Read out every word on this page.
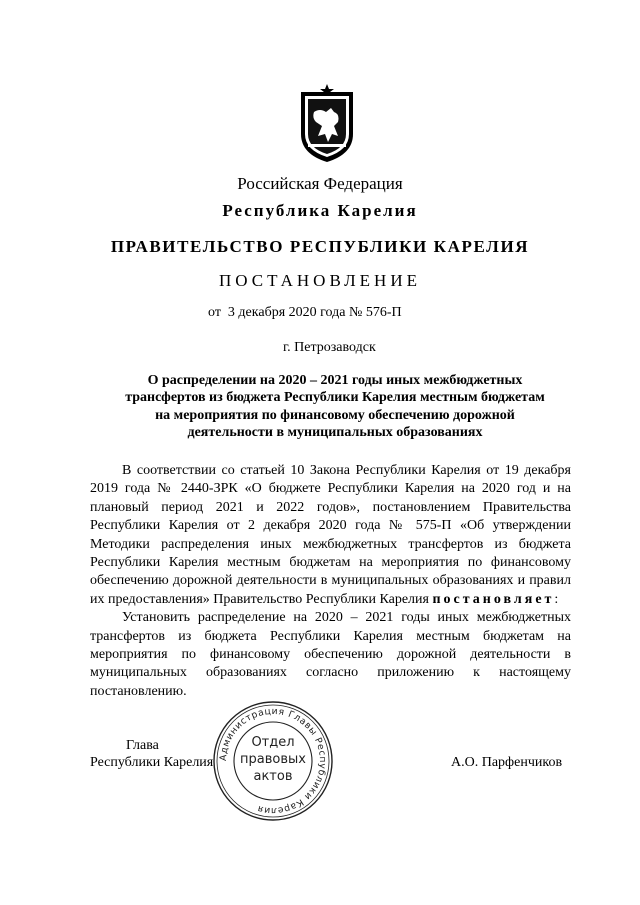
Российская Федерация
Республика Карелия
ПРАВИТЕЛЬСТВО РЕСПУБЛИКИ КАРЕЛИЯ
ПОСТАНОВЛЕНИЕ
от  3 декабря 2020 года № 576-П
г. Петрозаводск
О распределении на 2020 – 2021 годы иных межбюджетных
трансфертов из бюджета Республики Карелия местным бюджетам
на мероприятия по финансовому обеспечению дорожной
деятельности в муниципальных образованиях

В соответствии со статьей 10 Закона Республики Карелия от 19 декабря 2019 года № 2440-ЗРК «О бюджете Республики Карелия на 2020 год и на плановый период 2021 и 2022 годов», постановлением Правительства Республики Карелия от 2 декабря 2020 года № 575-П «Об утверждении Методики распределения иных межбюджетных трансфертов из бюджета Республики Карелия местным бюджетам на мероприятия по финансовому обеспечению дорожной деятельности в муниципальных образованиях и правил их предоставления» Правительство Республики Карелия постановляет:

Установить распределение на 2020 – 2021 годы иных межбюджетных трансфертов из бюджета Республики Карелия местным бюджетам на мероприятия по финансовому обеспечению дорожной деятельности в муниципальных образованиях согласно приложению к настоящему постановлению.

Администрация Главы Республики Карелия
Отдел
правовых
актов
Глава
Республики Карелия	А.О. Парфенчиков
